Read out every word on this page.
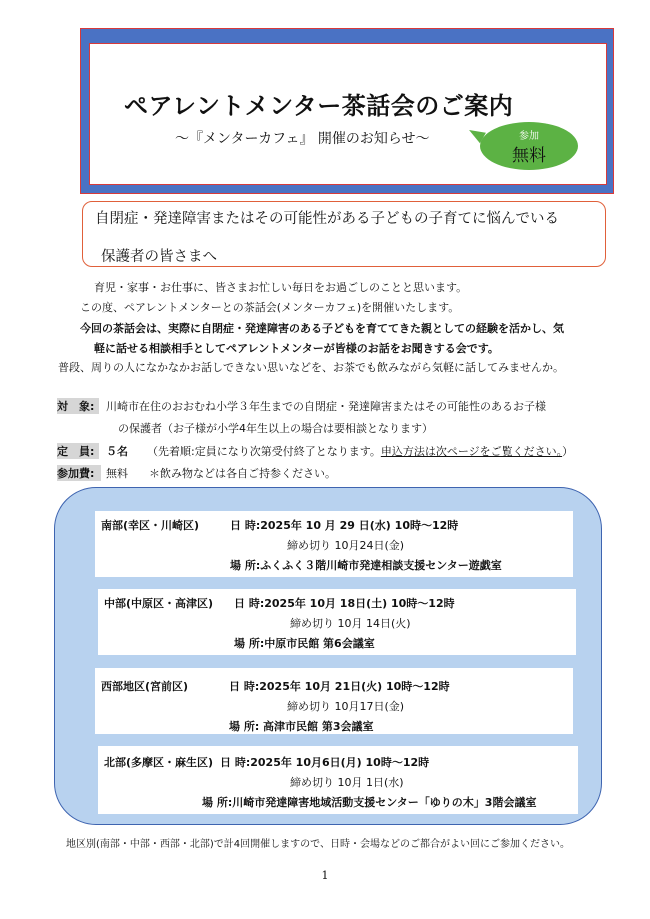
ペアレントメンター茶話会のご案内
～『メンターカフェ』 開催のお知らせ～	参加
無料
自閉症・発達障害またはその可能性がある子どもの子育てに悩んでいる
保護者の皆さまへ
育児・家事・お仕事に、皆さまお忙しい毎日をお過ごしのことと思います。
この度、ペアレントメンターとの茶話会(メンターカフェ)を開催いたします。
今回の茶話会は、実際に自閉症・発達障害のある子どもを育ててきた親としての経験を活かし、気
軽に話せる相談相手としてペアレントメンターが皆様のお話をお聞きする会です。
普段、周りの人になかなかお話しできない思いなどを、お茶でも飲みながら気軽に話してみませんか。
対　象:	川崎市在住のおおむね小学３年生までの自閉症・発達障害またはその可能性のあるお子様
の保護者（お子様が小学4年生以上の場合は要相談となります）
定　員:	５名 （先着順:定員になり次第受付終了となります。申込方法は次ページをご覧ください。）
参加費:	無料 ＊飲み物などは各自ご持参ください。
南部(幸区・川崎区)	日 時:2025年 10 月 29 日(水) 10時～12時
締め切り 10月24日(金)
場 所:ふくふく３階川崎市発達相談支援センター遊戯室
中部(中原区・高津区) 日 時:2025年 10月 18日(土) 10時～12時
締め切り 10月 14日(火)
場 所:中原市民館 第6会議室
西部地区(宮前区)	日 時:2025年 10月 21日(火) 10時～12時
締め切り 10月17日(金)
場 所: 高津市民館 第3会議室
北部(多摩区・麻生区) 日 時:2025年 10月6日(月) 10時～12時
締め切り 10月 1日(水)
場 所:川崎市発達障害地域活動支援センター「ゆりの木」3階会議室
地区別(南部・中部・西部・北部)で計4回開催しますので、日時・会場などのご都合がよい回にご参加ください。
1
